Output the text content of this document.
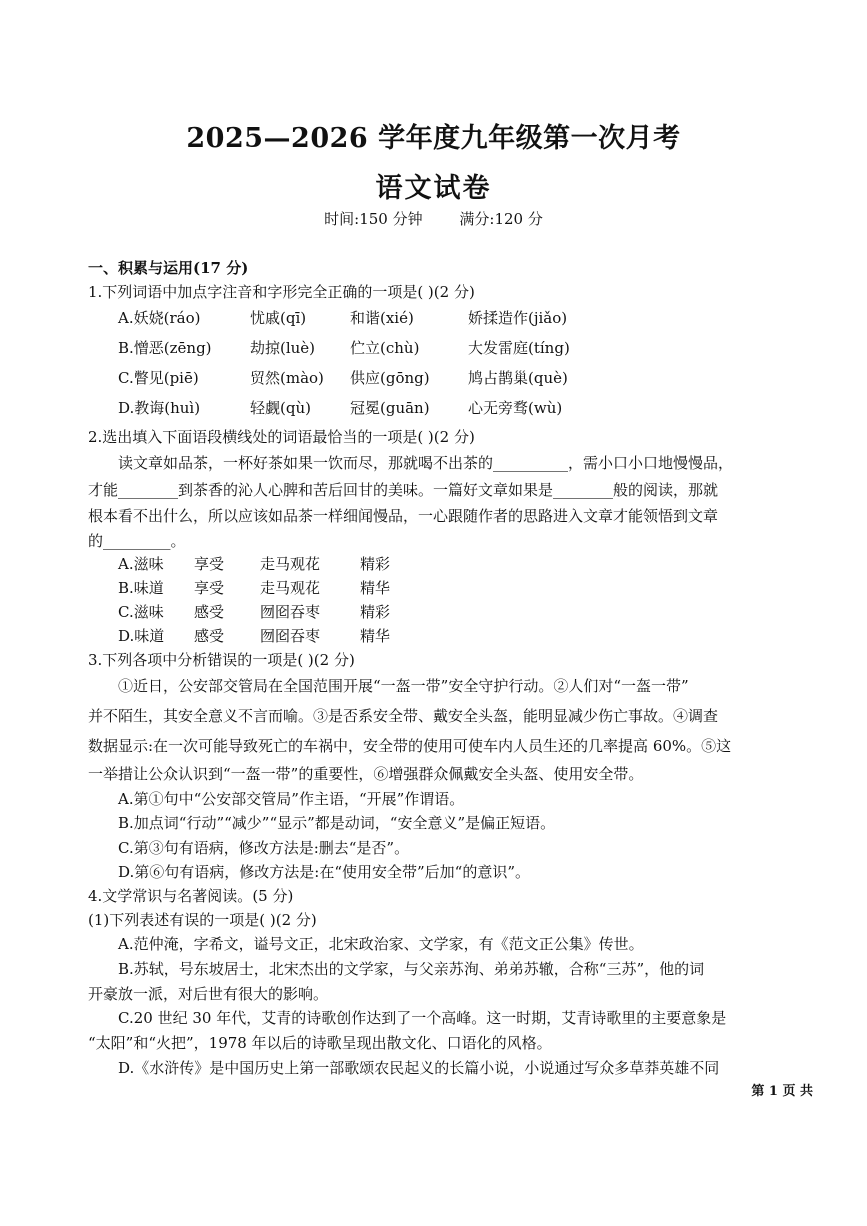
2025—2026 学年度九年级第一次月考
语文试卷
时间:150 分钟 满分:120 分
一、积累与运用(17 分)
1.下列词语中加点字注音和字形完全正确的一项是( )(2 分)
A.妖娆(ráo)	忧戚(qī)	和谐(xié)	娇揉造作(jiǎo)
B.憎恶(zēng)	劫掠(luè) 伫立(chù)	大发雷庭(tíng)
C.瞥见(piē)	贸然(mào) 供应(gōng)	鸠占鹊巢(què)
D.教诲(huì)	轻觑(qù)	冠冕(guān)	心无旁骛(wù)
2.选出填入下面语段横线处的词语最恰当的一项是( )(2 分)
读文章如品茶，一杯好茶如果一饮而尽，那就喝不出茶的__________，需小口小口地慢慢品，
才能________到茶香的沁人心脾和苦后回甘的美味。一篇好文章如果是________般的阅读，那就
根本看不出什么，所以应该如品茶一样细闻慢品，一心跟随作者的思路进入文章才能领悟到文章
的_________。
A.滋味 享受 走马观花	精彩
B.味道 享受 走马观花	精华
C.滋味 感受 囫囵吞枣	精彩
D.味道 感受 囫囵吞枣	精华
3.下列各项中分析错误的一项是( )(2 分)
①近日，公安部交管局在全国范围开展“一盔一带”安全守护行动。②人们对“一盔一带”
并不陌生，其安全意义不言而喻。③是否系安全带、戴安全头盔，能明显减少伤亡事故。④调查
数据显示:在一次可能导致死亡的车祸中，安全带的使用可使车内人员生还的几率提高 60%。⑤这
一举措让公众认识到“一盔一带”的重要性，⑥增强群众佩戴安全头盔、使用安全带。
A.第①句中“公安部交管局”作主语，“开展”作谓语。
B.加点词“行动”“减少”“显示”都是动词，“安全意义”是偏正短语。
C.第③句有语病，修改方法是:删去“是否”。
D.第⑥句有语病，修改方法是:在“使用安全带”后加“的意识”。
4.文学常识与名著阅读。(5 分)
(1)下列表述有误的一项是( )(2 分)
A.范仲淹，字希文，谥号文正，北宋政治家、文学家，有《范文正公集》传世。
B.苏轼，号东坡居士，北宋杰出的文学家，与父亲苏洵、弟弟苏辙，合称“三苏”，他的词
开豪放一派，对后世有很大的影响。
C.20 世纪 30 年代，艾青的诗歌创作达到了一个高峰。这一时期，艾青诗歌里的主要意象是
“太阳”和“火把”，1978 年以后的诗歌呈现出散文化、口语化的风格。
D.《水浒传》是中国历史上第一部歌颂农民起义的长篇小说，小说通过写众多草莽英雄不同
第 1 页 共
